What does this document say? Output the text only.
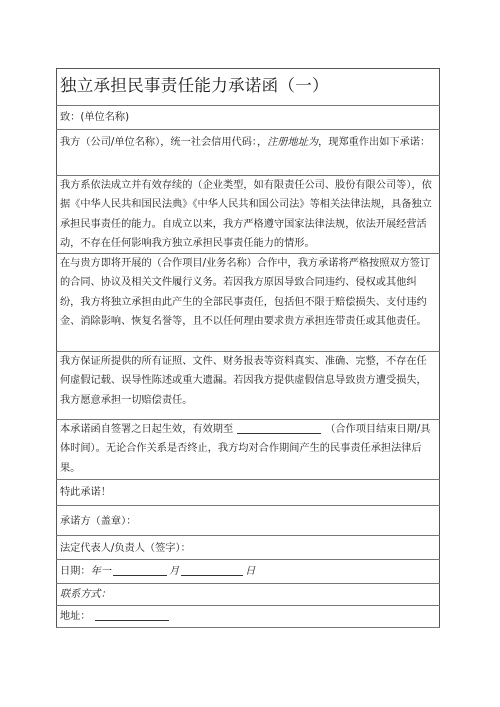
独立承担民事责任能力承诺函（一）

致：(单位名称)

我方（公司/单位名称），统一社会信用代码：，注册地址为，现郑重作出如下承诺：

我方系依法成立并有效存续的（企业类型，如有限责任公司、股份有限公司等），依据《中华人民共和国民法典》《中华人民共和国公司法》等相关法律法规，具备独立承担民事责任的能力。自成立以来，我方严格遵守国家法律法规，依法开展经营活动，不存在任何影响我方独立承担民事责任能力的情形。

在与贵方即将开展的（合作项目/业务名称）合作中，我方承诺将严格按照双方签订的合同、协议及相关文件履行义务。若因我方原因导致合同违约、侵权或其他纠纷，我方将独立承担由此产生的全部民事责任，包括但不限于赔偿损失、支付违约金、消除影响、恢复名誉等，且不以任何理由要求贵方承担连带责任或其他责任。

我方保证所提供的所有证照、文件、财务报表等资料真实、准确、完整，不存在任何虚假记载、误导性陈述或重大遗漏。若因我方提供虚假信息导致贵方遭受损失，我方愿意承担一切赔偿责任。

本承诺函自签署之日起生效，有效期至	（合作项目结束日期/具体时间）。无论合作关系是否终止，我方均对合作期间产生的民事责任承担法律后果。

特此承诺！

承诺方（盖章）：

法定代表人/负责人（签字）：

日期：年一	月	日

联系方式：

地址：
